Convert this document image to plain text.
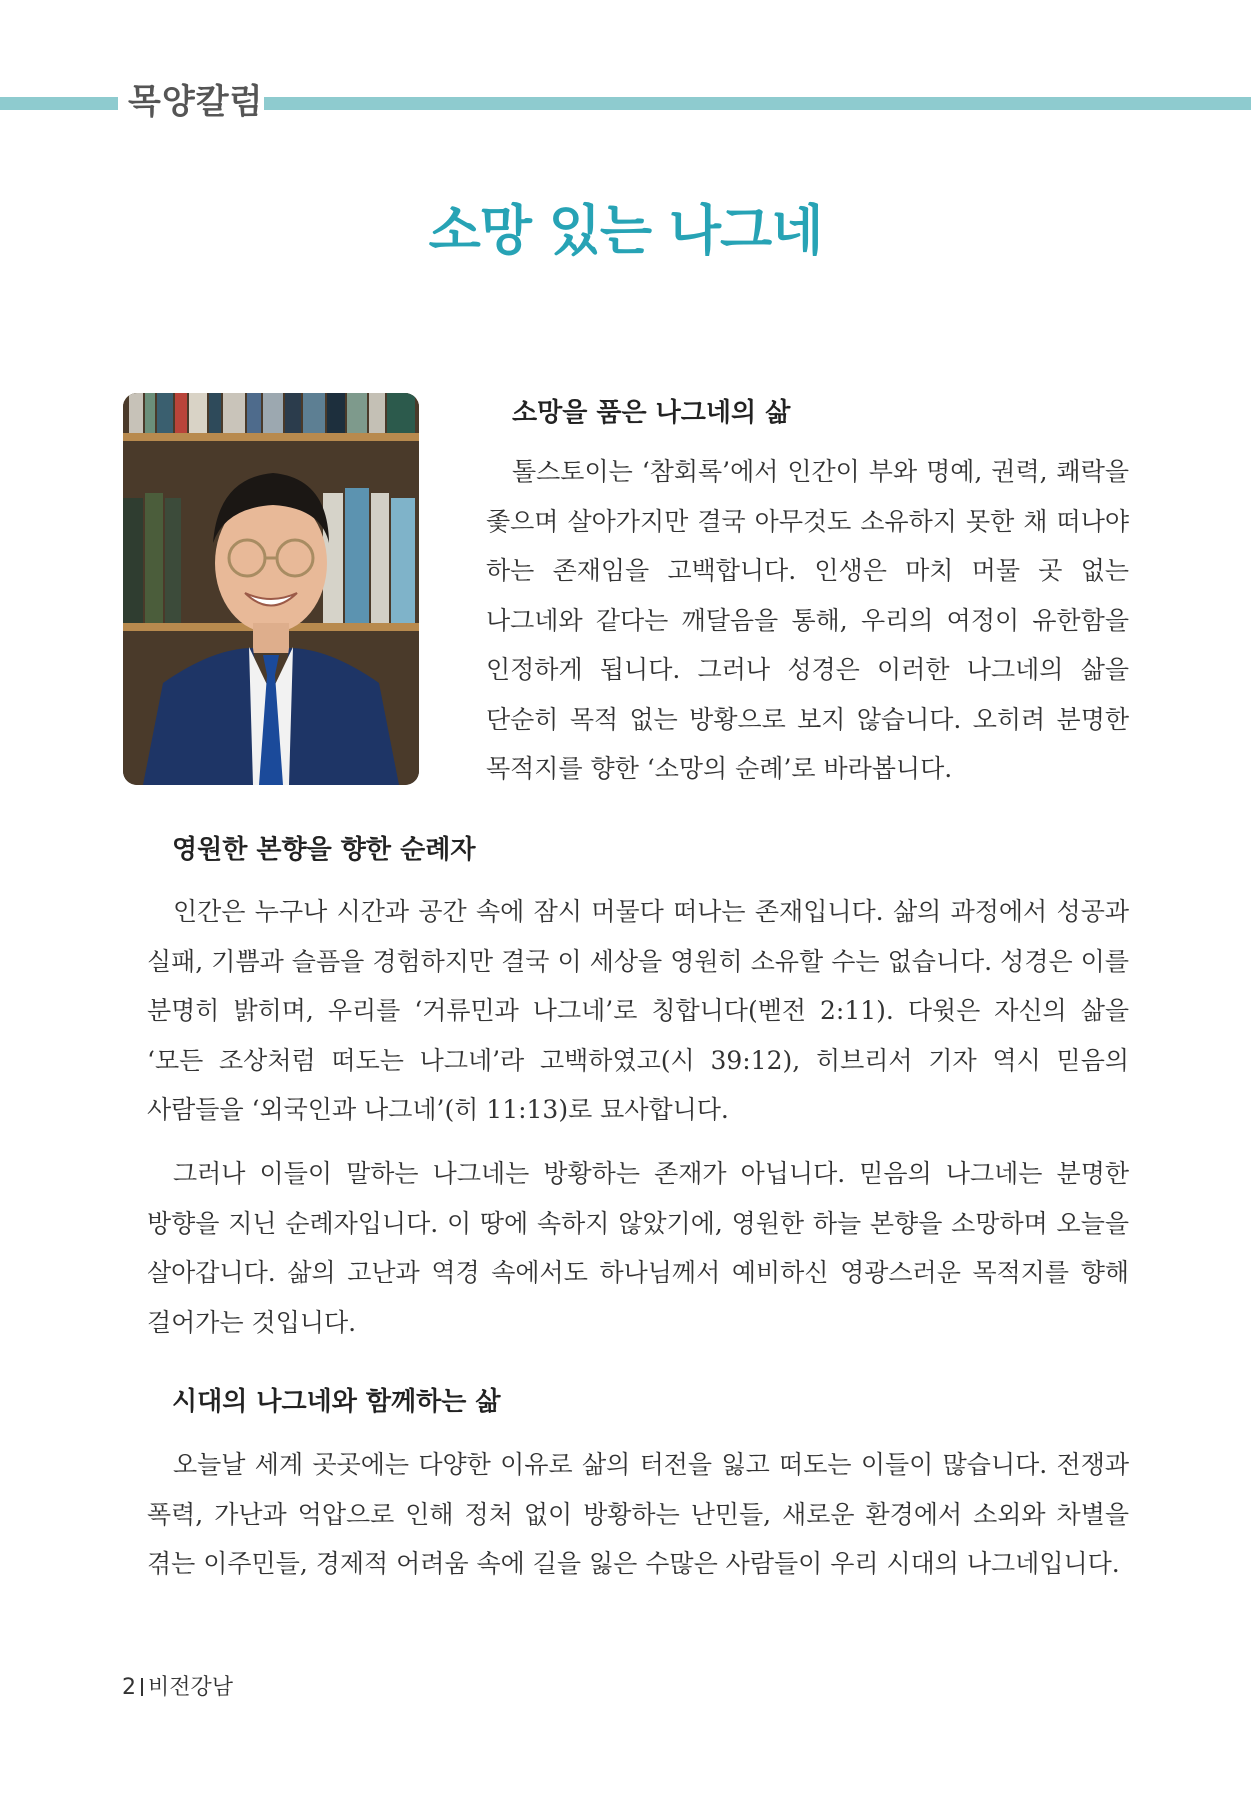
목양칼럼
소망 있는 나그네
소망을 품은 나그네의 삶

톨스토이는 ‘참회록’에서 인간이 부와 명예, 권력, 쾌락을 좇으며 살아가지만 결국 아무것도 소유하지 못한 채 떠나야 하는 존재임을 고백합니다. 인생은 마치 머물 곳 없는 나그네와 같다는 깨달음을 통해, 우리의 여정이 유한함을 인정하게 됩니다. 그러나 성경은 이러한 나그네의 삶을 단순히 목적 없는 방황으로 보지 않습니다. 오히려 분명한 목적지를 향한 ‘소망의 순례’로 바라봅니다.

영원한 본향을 향한 순례자

인간은 누구나 시간과 공간 속에 잠시 머물다 떠나는 존재입니다. 삶의 과정에서 성공과 실패, 기쁨과 슬픔을 경험하지만 결국 이 세상을 영원히 소유할 수는 없습니다. 성경은 이를 분명히 밝히며, 우리를 ‘거류민과 나그네’로 칭합니다(벧전 2:11). 다윗은 자신의 삶을 ‘모든 조상처럼 떠도는 나그네’라 고백하였고(시 39:12), 히브리서 기자 역시 믿음의 사람들을 ‘외국인과 나그네’(히 11:13)로 묘사합니다.

그러나 이들이 말하는 나그네는 방황하는 존재가 아닙니다. 믿음의 나그네는 분명한 방향을 지닌 순례자입니다. 이 땅에 속하지 않았기에, 영원한 하늘 본향을 소망하며 오늘을 살아갑니다. 삶의 고난과 역경 속에서도 하나님께서 예비하신 영광스러운 목적지를 향해 걸어가는 것입니다.

시대의 나그네와 함께하는 삶

오늘날 세계 곳곳에는 다양한 이유로 삶의 터전을 잃고 떠도는 이들이 많습니다. 전쟁과 폭력, 가난과 억압으로 인해 정처 없이 방황하는 난민들, 새로운 환경에서 소외와 차별을 겪는 이주민들, 경제적 어려움 속에 길을 잃은 수많은 사람들이 우리 시대의 나그네입니다.

2 비전강남
